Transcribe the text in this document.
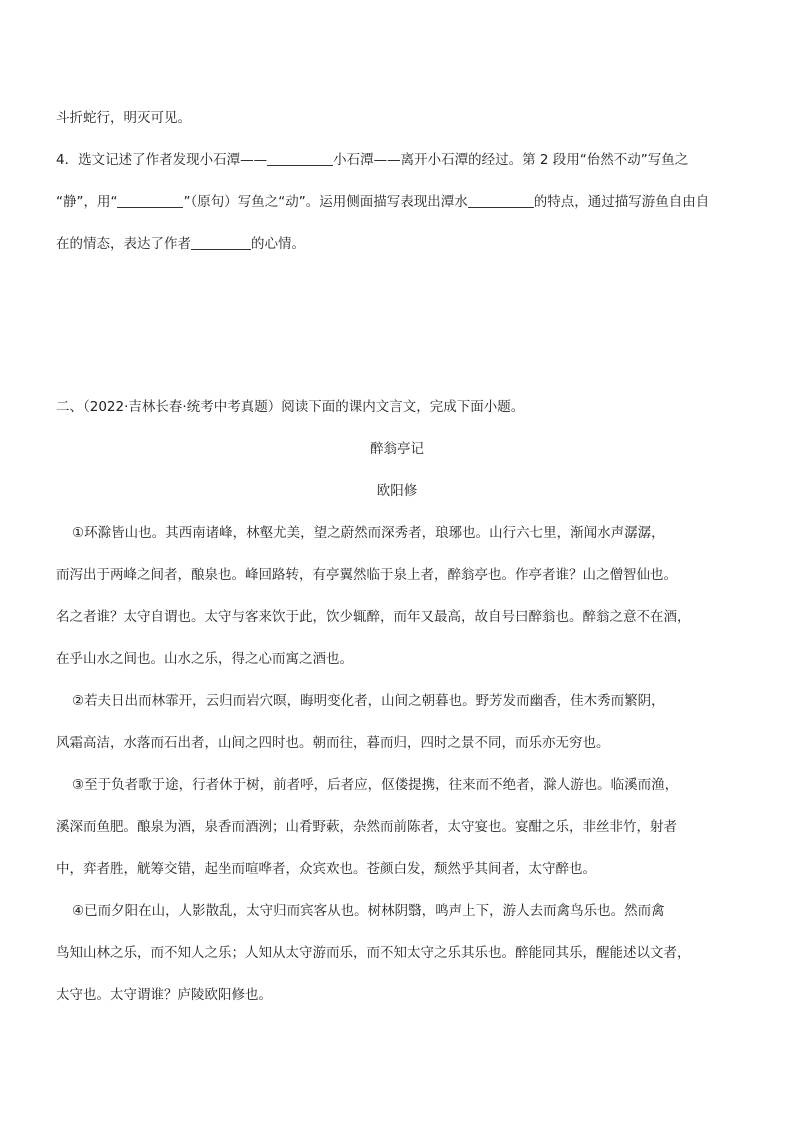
斗折蛇行，明灭可见。
4．选文记述了作者发现小石潭——	小石潭——离开小石潭的经过。第 2 段用“佁然不动”写鱼之
“静”，用“	”（原句）写鱼之“动”。运用侧面描写表现出潭水	的特点，通过描写游鱼自由自
在的情态，表达了作者	的心情。
二、（2022·吉林长春·统考中考真题）阅读下面的课内文言文，完成下面小题。
醉翁亭记
欧阳修
①环滁皆山也。其西南诸峰，林壑尤美，望之蔚然而深秀者，琅琊也。山行六七里，渐闻水声潺潺，
而泻出于两峰之间者，酿泉也。峰回路转，有亭翼然临于泉上者，醉翁亭也。作亭者谁？山之僧智仙也。
名之者谁？太守自谓也。太守与客来饮于此，饮少辄醉，而年又最高，故自号曰醉翁也。醉翁之意不在酒，
在乎山水之间也。山水之乐，得之心而寓之酒也。
②若夫日出而林霏开，云归而岩穴暝，晦明变化者，山间之朝暮也。野芳发而幽香，佳木秀而繁阴，
风霜高洁，水落而石出者，山间之四时也。朝而往，暮而归，四时之景不同，而乐亦无穷也。
③至于负者歌于途，行者休于树，前者呼，后者应，伛偻提携，往来而不绝者，滁人游也。临溪而渔，
溪深而鱼肥。酿泉为酒，泉香而酒洌；山肴野蔌，杂然而前陈者，太守宴也。宴酣之乐，非丝非竹，射者
中，弈者胜，觥筹交错，起坐而喧哗者，众宾欢也。苍颜白发，颓然乎其间者，太守醉也。
④已而夕阳在山，人影散乱，太守归而宾客从也。树林阴翳，鸣声上下，游人去而禽鸟乐也。然而禽
鸟知山林之乐，而不知人之乐；人知从太守游而乐，而不知太守之乐其乐也。醉能同其乐，醒能述以文者，
太守也。太守谓谁？庐陵欧阳修也。
